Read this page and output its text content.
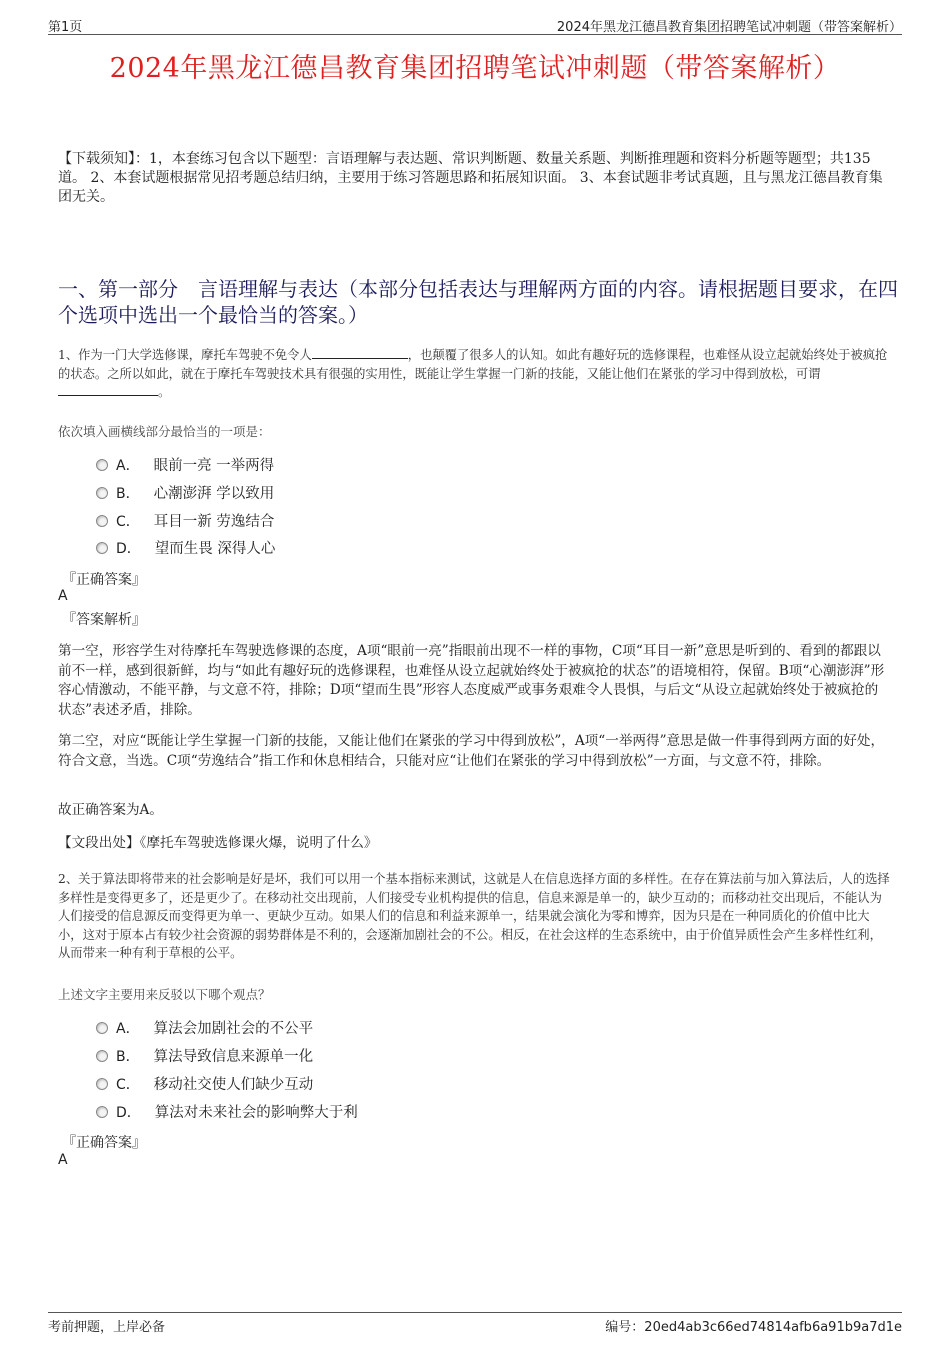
第1页	2024年黑龙江德昌教育集团招聘笔试冲刺题（带答案解析）
2024年黑龙江德昌教育集团招聘笔试冲刺题（带答案解析）
【下载须知】：1，本套练习包含以下题型：言语理解与表达题、常识判断题、数量关系题、判断推理题和资料分析题等题型；共135道。 2、本套试题根据常见招考题总结归纳，主要用于练习答题思路和拓展知识面。 3、本套试题非考试真题，且与黑龙江德昌教育集团无关。
一、第一部分　言语理解与表达（本部分包括表达与理解两方面的内容。请根据题目要求，在四个选项中选出一个最恰当的答案。）
1、作为一门大学选修课，摩托车驾驶不免令人	，也颠覆了很多人的认知。如此有趣好玩的选修课程，也难怪从设立起就始终处于被疯抢的状态。之所以如此，就在于摩托车驾驶技术具有很强的实用性，既能让学生掌握一门新的技能，又能让他们在紧张的学习中得到放松，可谓。
依次填入画横线部分最恰当的一项是：
A． 眼前一亮 一举两得
B． 心潮澎湃 学以致用
C． 耳目一新 劳逸结合
D． 望而生畏 深得人心
『正确答案』
A
『答案解析』
第一空，形容学生对待摩托车驾驶选修课的态度，A项“眼前一亮”指眼前出现不一样的事物，C项“耳目一新”意思是听到的、看到的都跟以前不一样，感到很新鲜，均与“如此有趣好玩的选修课程，也难怪从设立起就始终处于被疯抢的状态”的语境相符，保留。B项“心潮澎湃”形容心情激动，不能平静，与文意不符，排除；D项“望而生畏”形容人态度威严或事务艰难令人畏惧，与后文“从设立起就始终处于被疯抢的状态”表述矛盾，排除。
第二空，对应“既能让学生掌握一门新的技能，又能让他们在紧张的学习中得到放松”，A项“一举两得”意思是做一件事得到两方面的好处，符合文意，当选。C项“劳逸结合”指工作和休息相结合，只能对应“让他们在紧张的学习中得到放松”一方面，与文意不符，排除。
故正确答案为A。
【文段出处】《摩托车驾驶选修课火爆，说明了什么》
2、关于算法即将带来的社会影响是好是坏，我们可以用一个基本指标来测试，这就是人在信息选择方面的多样性。在存在算法前与加入算法后，人的选择多样性是变得更多了，还是更少了。在移动社交出现前，人们接受专业机构提供的信息，信息来源是单一的，缺少互动的；而移动社交出现后，不能认为人们接受的信息源反而变得更为单一、更缺少互动。如果人们的信息和利益来源单一，结果就会演化为零和博弈，因为只是在一种同质化的价值中比大小，这对于原本占有较少社会资源的弱势群体是不利的，会逐渐加剧社会的不公。相反，在社会这样的生态系统中，由于价值异质性会产生多样性红利，从而带来一种有利于草根的公平。
上述文字主要用来反驳以下哪个观点？
A． 算法会加剧社会的不公平
B． 算法导致信息来源单一化
C． 移动社交使人们缺少互动
D． 算法对未来社会的影响弊大于利
『正确答案』
A
考前押题，上岸必备	编号：20ed4ab3c66ed74814afb6a91b9a7d1e
